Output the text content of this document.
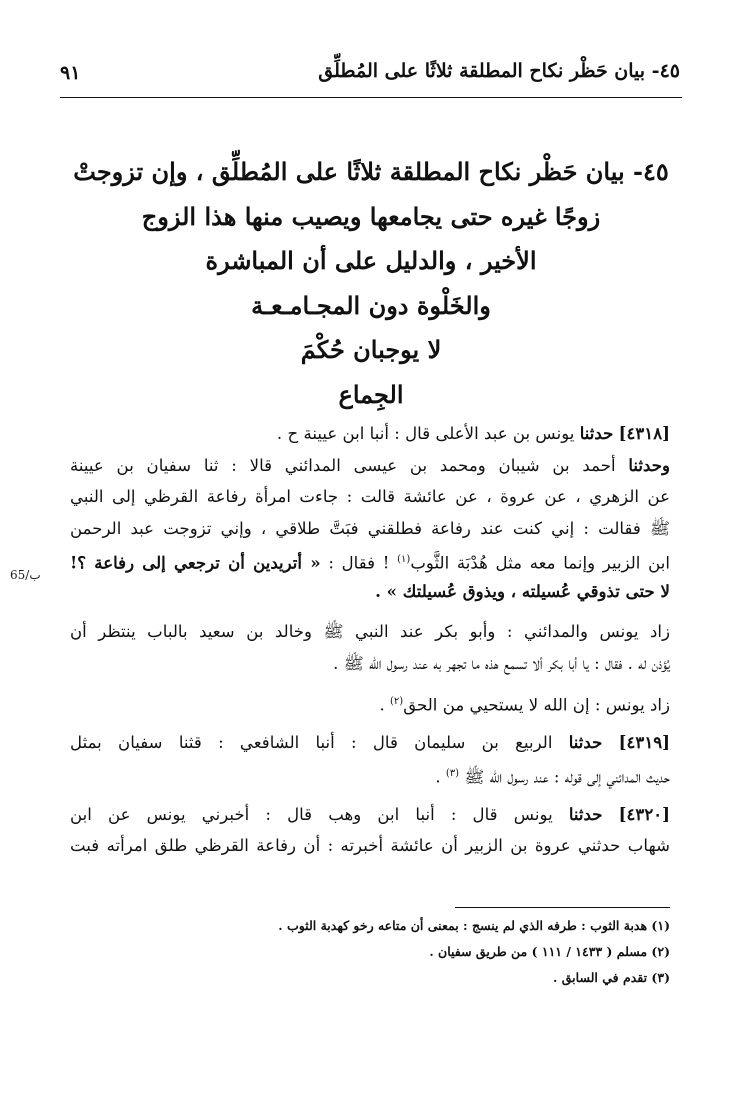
٤٥- بيان حَظْر نكاح المطلقة ثلاثًا على المُطلِّق
٩١
٤٥- بيان حَظْر نكاح المطلقة ثلاثًا على المُطلِّق ، وإن تزوجتْ
زوجًا غيره حتى يجامعها ويصيب منها هذا الزوج
الأخير ، والدليل على أن المباشرة
والخَلْوة دون المجـامـعـة
لا يوجبان حُكْمَ
الجِماع
[٤٣١٨] حدثنا يونس بن عبد الأعلى قال : أنبا ابن عيينة ح .
وحدثنا أحمد بن شيبان ومحمد بن عيسى المدائني قالا : ثنا سفيان بن عيينة
عن الزهري ، عن عروة ، عن عائشة قالت : جاءت امرأة رفاعة القرظي إلى النبي
ﷺ فقالت : إني كنت عند رفاعة فطلقني فبَتَّ طلاقي ، وإني تزوجت عبد الرحمن
ابن الزبير وإنما معه مثل هُدْبَة الثَّوب$^{(١)}$ ! فقال : « أتريدين أن ترجعي إلى رفاعة ؟!
لا حتى تذوقي عُسيلته ، ويذوق عُسيلتك » .
زاد يونس والمدائني : وأبو بكر عند النبي ﷺ وخالد بن سعيد بالباب ينتظر أن
يُؤذن له . فقال : يا أبا بكر ألا تسمع هذه ما تجهر به عند رسول الله ﷺ .
زاد يونس : إن الله لا يستحيي من الحق$^{(٢)}$ .
[٤٣١٩] حدثنا الربيع بن سليمان قال : أنبا الشافعي : قثنا سفيان بمثل
حديث المدائني إلى قوله : عند رسول الله ﷺ $^{(٣)}$ .
[٤٣٢٠] حدثنا يونس قال : أنبا ابن وهب قال : أخبرني يونس عن ابن
شهاب حدثني عروة بن الزبير أن عائشة أخبرته : أن رفاعة القرظي طلق امرأته فبت
65/ب
(١) هدبة الثوب : طرفه الذي لم ينسج : بمعنى أن متاعه رخو كهدبة الثوب .
(٢) مسلم ( ١٤٣٣ / ١١١ ) من طريق سفيان .
(٣) تقدم في السابق .
